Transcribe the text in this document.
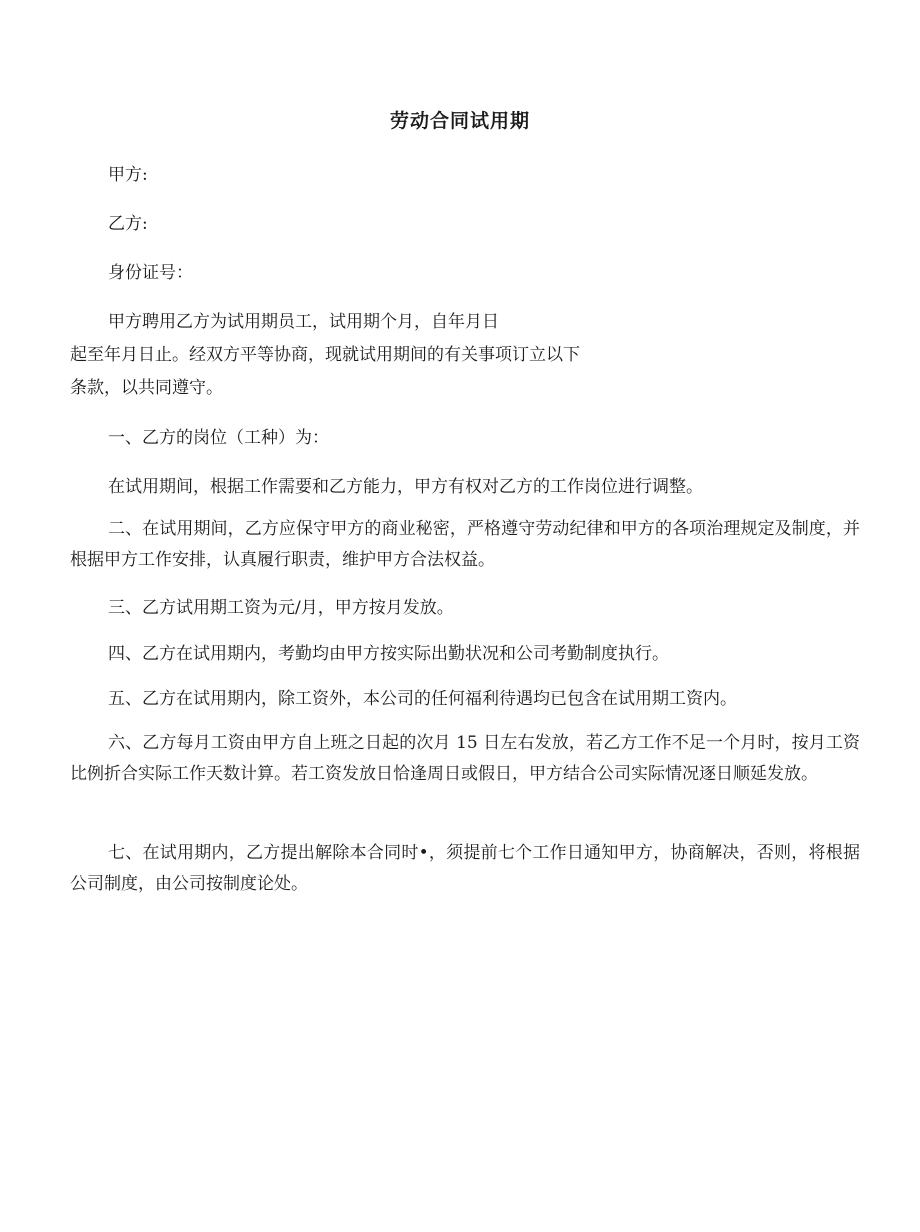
劳动合同试用期
甲方:
乙方:
身份证号：
甲方聘用乙方为试用期员工，试用期个月，自年月日
起至年月日止。经双方平等协商，现就试用期间的有关事项订立以下
条款，以共同遵守。
一、乙方的岗位（工种）为：
在试用期间，根据工作需要和乙方能力，甲方有权对乙方的工作岗位进行调整。
二、在试用期间，乙方应保守甲方的商业秘密，严格遵守劳动纪律和甲方的各项治理规定及制度，并根据甲方工作安排，认真履行职责，维护甲方合法权益。
三、乙方试用期工资为元/月，甲方按月发放。
四、乙方在试用期内，考勤均由甲方按实际出勤状况和公司考勤制度执行。
五、乙方在试用期内，除工资外，本公司的任何福利待遇均已包含在试用期工资内。
六、乙方每月工资由甲方自上班之日起的次月 15 日左右发放，若乙方工作不足一个月时，按月工资比例折合实际工作天数计算。若工资发放日恰逢周日或假日，甲方结合公司实际情况逐日顺延发放。
七、在试用期内，乙方提出解除本合同时•，须提前七个工作日通知甲方，协商解决，否则，将根据公司制度，由公司按制度论处。
